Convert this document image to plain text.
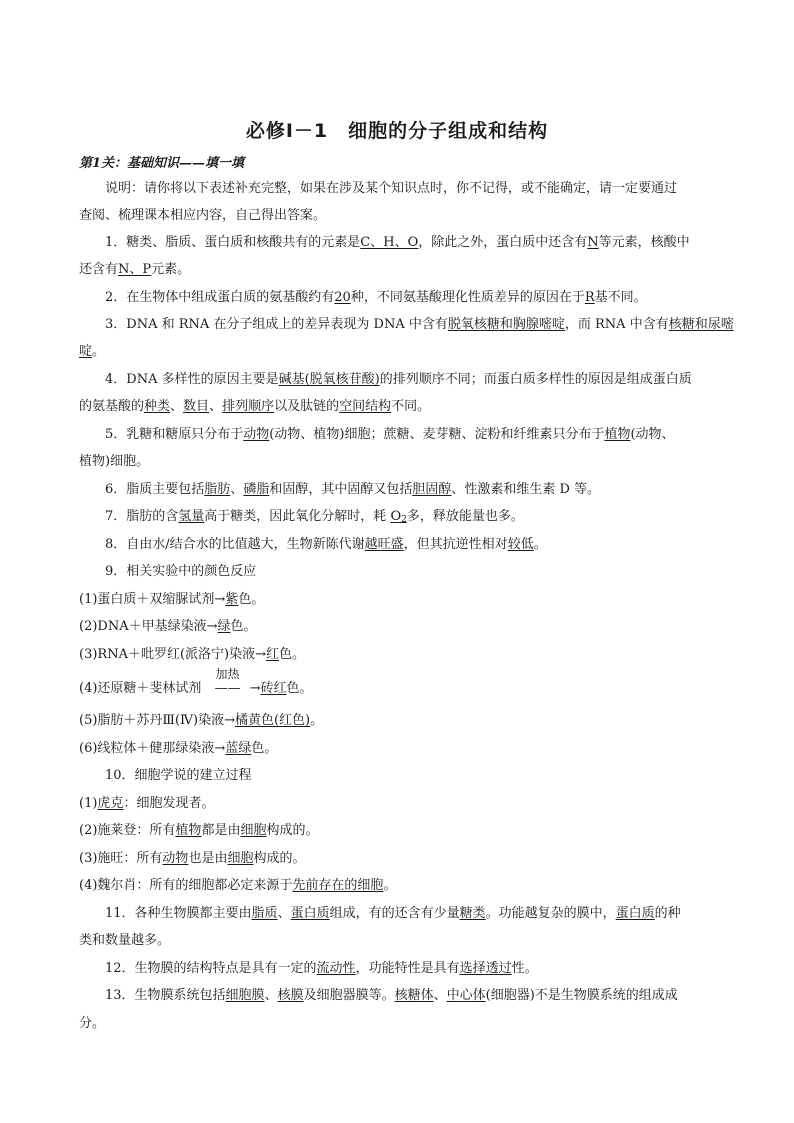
必修Ⅰ－1　细胞的分子组成和结构
第1关：基础知识——填一填
说明：请你将以下表述补充完整，如果在涉及某个知识点时，你不记得，或不能确定，请一定要通过
查阅、梳理课本相应内容，自己得出答案。
1．糖类、脂质、蛋白质和核酸共有的元素是C、H、O，除此之外，蛋白质中还含有N等元素，核酸中
还含有N、P元素。
2．在生物体中组成蛋白质的氨基酸约有20种，不同氨基酸理化性质差异的原因在于R基不同。
3．DNA 和 RNA 在分子组成上的差异表现为 DNA 中含有脱氧核糖和胸腺嘧啶，而 RNA 中含有核糖和尿嘧
啶。
4．DNA 多样性的原因主要是碱基(脱氧核苷酸)的排列顺序不同；而蛋白质多样性的原因是组成蛋白质
的氨基酸的种类、数目、排列顺序以及肽链的空间结构不同。
5．乳糖和糖原只分布于动物(动物、植物)细胞；蔗糖、麦芽糖、淀粉和纤维素只分布于植物(动物、
植物)细胞。
6．脂质主要包括脂肪、磷脂和固醇，其中固醇又包括胆固醇、性激素和维生素 D 等。
7．脂肪的含氢量高于糖类，因此氧化分解时，耗 $O_2$多，释放能量也多。
8．自由水/结合水的比值越大，生物新陈代谢越旺盛，但其抗逆性相对较低。
9．相关实验中的颜色反应
(1)蛋白质＋双缩脲试剂→紫色。
(2)DNA＋甲基绿染液→绿色。
(3)RNA＋吡罗红(派洛宁)染液→红色。
(4)还原糖＋斐林试剂
加热
—— →砖红色。
(5)脂肪＋苏丹Ⅲ(Ⅳ)染液→橘黄色(红色)。
(6)线粒体＋健那绿染液→蓝绿色。
10．细胞学说的建立过程
(1)虎克：细胞发现者。
(2)施莱登：所有植物都是由细胞构成的。
(3)施旺：所有动物也是由细胞构成的。
(4)魏尔肖：所有的细胞都必定来源于先前存在的细胞。
11．各种生物膜都主要由脂质、蛋白质组成，有的还含有少量糖类。功能越复杂的膜中，蛋白质的种
类和数量越多。
12．生物膜的结构特点是具有一定的流动性，功能特性是具有选择透过性。
13．生物膜系统包括细胞膜、核膜及细胞器膜等。核糖体、中心体(细胞器)不是生物膜系统的组成成
分。
